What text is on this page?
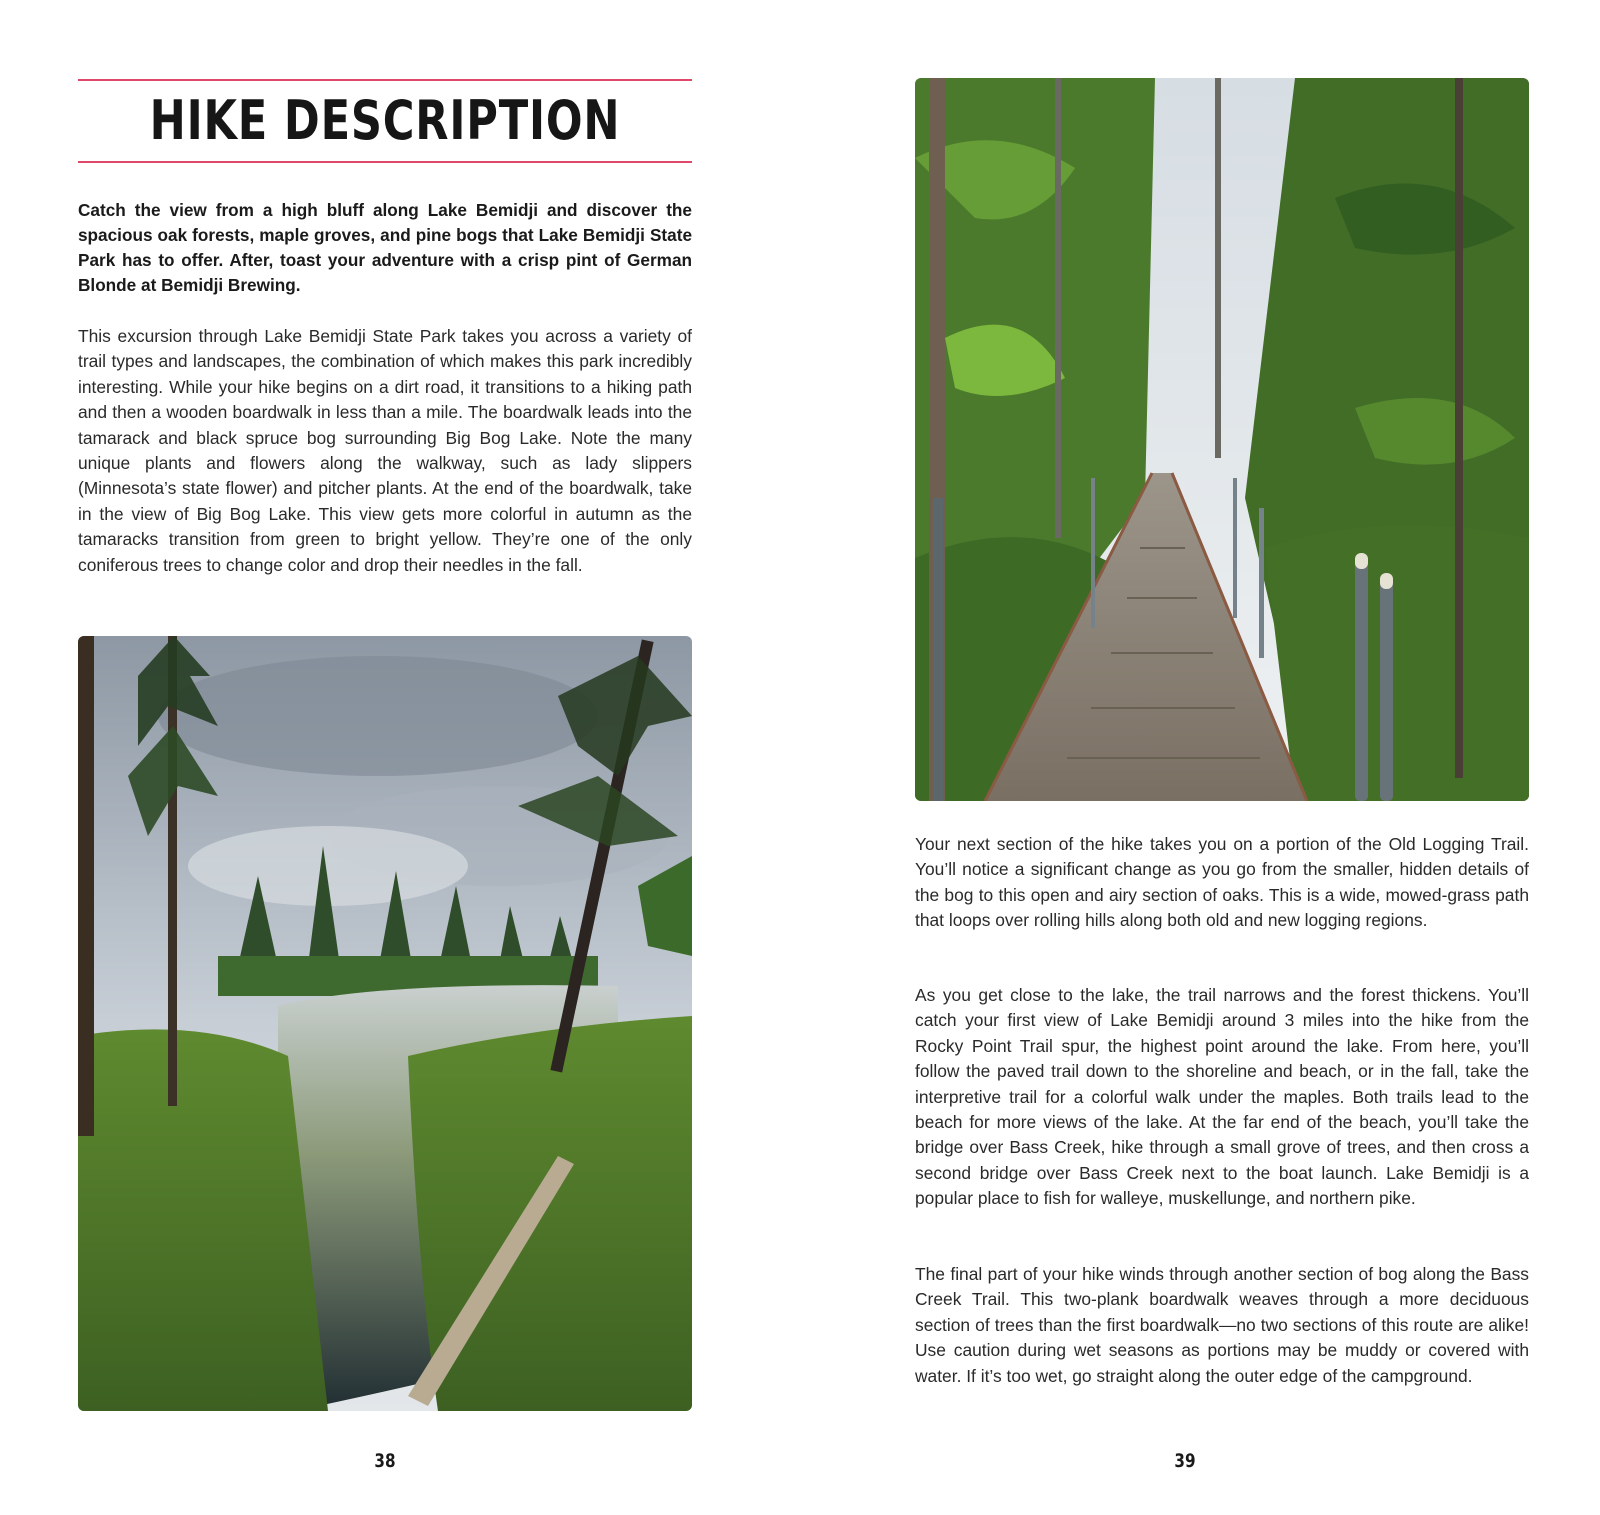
HIKE DESCRIPTION

Catch the view from a high bluff along Lake Bemidji and discover the spacious oak forests, maple groves, and pine bogs that Lake Bemidji State Park has to offer. After, toast your adventure with a crisp pint of German Blonde at Bemidji Brewing.

This excursion through Lake Bemidji State Park takes you across a variety of trail types and landscapes, the combination of which makes this park incredibly interesting. While your hike begins on a dirt road, it transitions to a hiking path and then a wooden boardwalk in less than a mile. The boardwalk leads into the tamarack and black spruce bog surrounding Big Bog Lake. Note the many unique plants and flowers along the walkway, such as lady slippers (Minnesota’s state flower) and pitcher plants. At the end of the boardwalk, take in the view of Big Bog Lake. This view gets more colorful in autumn as the tamaracks transition from green to bright yellow. They’re one of the only coniferous trees to change color and drop their needles in the fall.

38

Your next section of the hike takes you on a portion of the Old Logging Trail. You’ll notice a significant change as you go from the smaller, hidden details of the bog to this open and airy section of oaks. This is a wide, mowed-grass path that loops over rolling hills along both old and new logging regions.

As you get close to the lake, the trail narrows and the forest thickens. You’ll catch your first view of Lake Bemidji around 3 miles into the hike from the Rocky Point Trail spur, the highest point around the lake. From here, you’ll follow the paved trail down to the shoreline and beach, or in the fall, take the interpretive trail for a colorful walk under the maples. Both trails lead to the beach for more views of the lake. At the far end of the beach, you’ll take the bridge over Bass Creek, hike through a small grove of trees, and then cross a second bridge over Bass Creek next to the boat launch. Lake Bemidji is a popular place to fish for walleye, muskellunge, and northern pike.

The final part of your hike winds through another section of bog along the Bass Creek Trail. This two-plank boardwalk weaves through a more deciduous section of trees than the first boardwalk—no two sections of this route are alike! Use caution during wet seasons as portions may be muddy or covered with water. If it’s too wet, go straight along the outer edge of the campground.

39
